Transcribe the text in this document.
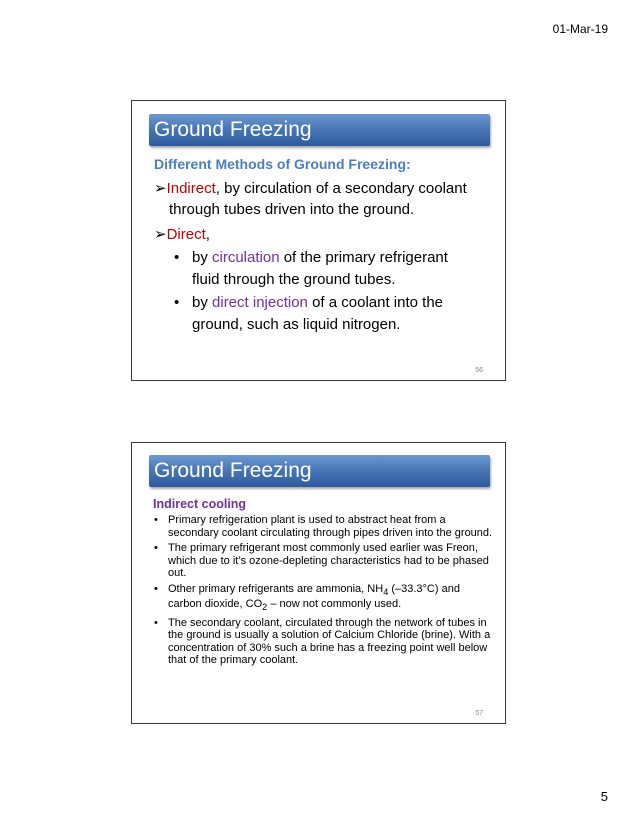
01-Mar-19
Ground Freezing
Different Methods of Ground Freezing:
➢Indirect, by circulation of a secondary coolant
through tubes driven into the ground.
➢Direct,
• by circulation of the primary refrigerant
fluid through the ground tubes.
• by direct injection of a coolant into the
ground, such as liquid nitrogen.
56
Ground Freezing
Indirect cooling
• Primary refrigeration plant is used to abstract heat from a secondary coolant circulating through pipes driven into the ground.
• The primary refrigerant most commonly used earlier was Freon, which due to it’s ozone-depleting characteristics had to be phased out.
• Other primary refrigerants are ammonia, $NH_4$ (–33.3°C) and carbon dioxide, $CO_2$ – now not commonly used.
• The secondary coolant, circulated through the network of tubes in the ground is usually a solution of Calcium Chloride (brine). With a concentration of 30% such a brine has a freezing point well below that of the primary coolant.
57
5
